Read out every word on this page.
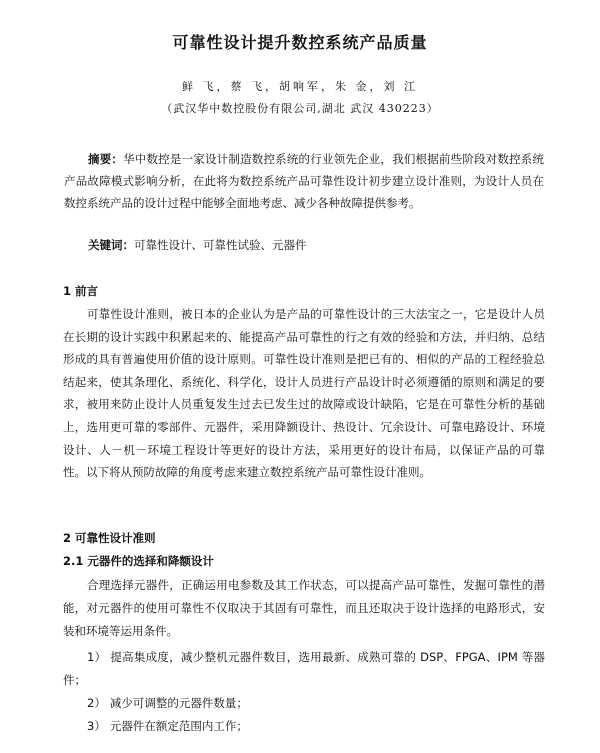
可靠性设计提升数控系统产品质量
鲜 飞，蔡 飞，胡响军，朱 金，刘 江
（武汉华中数控股份有限公司,湖北 武汉 430223）
摘要：华中数控是一家设计制造数控系统的行业领先企业，我们根据前些阶段对数控系统产品故障模式影响分析，在此将为数控系统产品可靠性设计初步建立设计准则，为设计人员在数控系统产品的设计过程中能够全面地考虑、减少各种故障提供参考。
关键词：可靠性设计、可靠性试验、元器件
1 前言
可靠性设计准则，被日本的企业认为是产品的可靠性设计的三大法宝之一，它是设计人员在长期的设计实践中积累起来的、能提高产品可靠性的行之有效的经验和方法，并归纳、总结形成的具有普遍使用价值的设计原则。可靠性设计准则是把已有的、相似的产品的工程经验总结起来，使其条理化、系统化、科学化，设计人员进行产品设计时必须遵循的原则和满足的要求，被用来防止设计人员重复发生过去已发生过的故障或设计缺陷，它是在可靠性分析的基础上，选用更可靠的零部件、元器件，采用降额设计、热设计、冗余设计、可靠电路设计、环境设计、人－机－环境工程设计等更好的设计方法，采用更好的设计布局，以保证产品的可靠性。以下将从预防故障的角度考虑来建立数控系统产品可靠性设计准则。
2 可靠性设计准则
2.1 元器件的选择和降额设计
合理选择元器件，正确运用电参数及其工作状态，可以提高产品可靠性，发掘可靠性的潜能，对元器件的使用可靠性不仅取决于其固有可靠性，而且还取决于设计选择的电路形式，安装和环境等运用条件。
1） 提高集成度，减少整机元器件数目，选用最新、成熟可靠的 DSP、FPGA、IPM 等器件；
2） 减少可调整的元器件数量；
3） 元器件在额定范围内工作；
